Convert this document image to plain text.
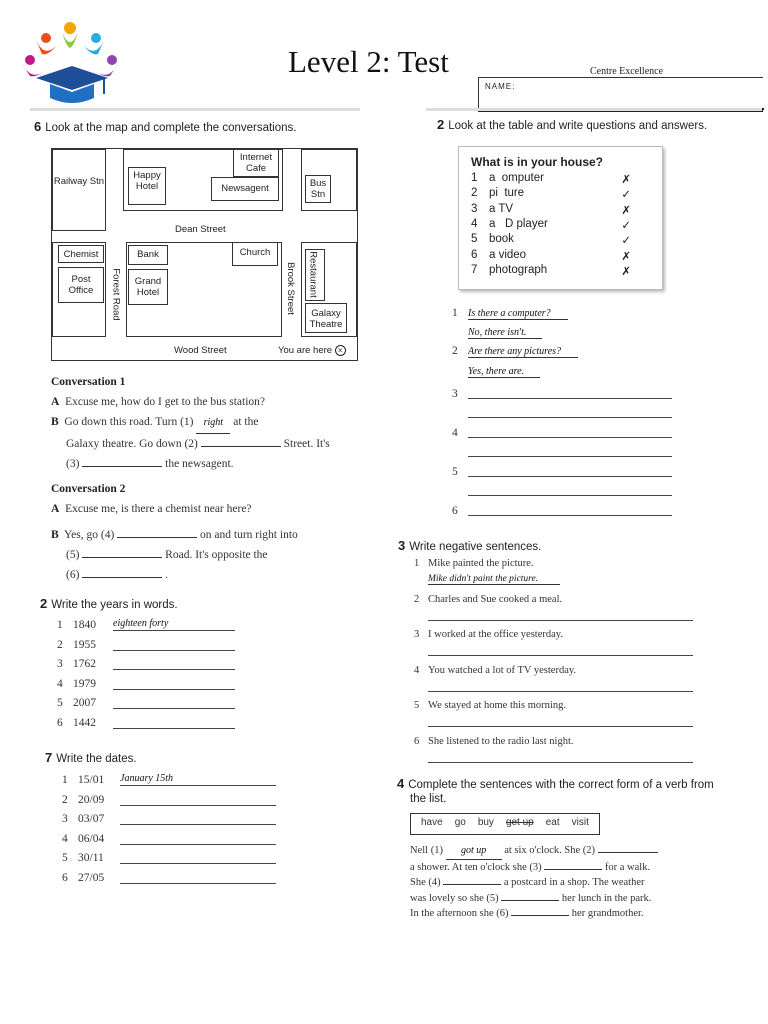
Level 2: Test	Centre Excellence
NAME:
6 Look at the map and complete the conversations.
Railway Stn
Happy Hotel
Internet Cafe
Newsagent	Bus Stn
Dean Street
Chemist
Post Office	Forest Road
Bank
Grand Hotel
Church
Brook Street Restaurant
Galaxy Theatre
Wood Street	You are here ×
Conversation 1
A Excuse me, how do I get to the bus station?
B Go down this road. Turn (1) right at the
Galaxy theatre. Go down (2)	Street. It's
(3)	the newsagent.
Conversation 2
A Excuse me, is there a chemist near here?
B Yes, go (4)	on and turn right into
(5)	Road. It's opposite the
(6)	.
2 Write the years in words.
1 1840 eighteen forty
2 1955
3 1762
4 1979
5 2007
6 1442
7 Write the dates.
1 15/01 January 15th
2 20/09
3 03/07
4 06/04
5 30/11
6 27/05
2 Look at the table and write questions and answers.
What is in your house?
1 a  omputer	✗
2 pi  ture	✓
3 a TV	✗
4 a   D player	✓
5 book	✓
6 a video	✗
7 photograph	✗
1 Is there a computer?
No, there isn't.
2 Are there any pictures?
Yes, there are.
3
4
5
6
3 Write negative sentences.
1 Mike painted the picture.
Mike didn't paint the picture.
2 Charles and Sue cooked a meal.
3 I worked at the office yesterday.
4 You watched a lot of TV yesterday.
5 We stayed at home this morning.
6 She listened to the radio last night.
4 Complete the sentences with the correct form of a verb from
the list.
have go buy get up eat visit
Nell (1) got up at six o'clock. She (2)
a shower. At ten o'clock she (3)	for a walk.
She (4)	a postcard in a shop. The weather
was lovely so she (5)	her lunch in the park.
In the afternoon she (6)	her grandmother.
